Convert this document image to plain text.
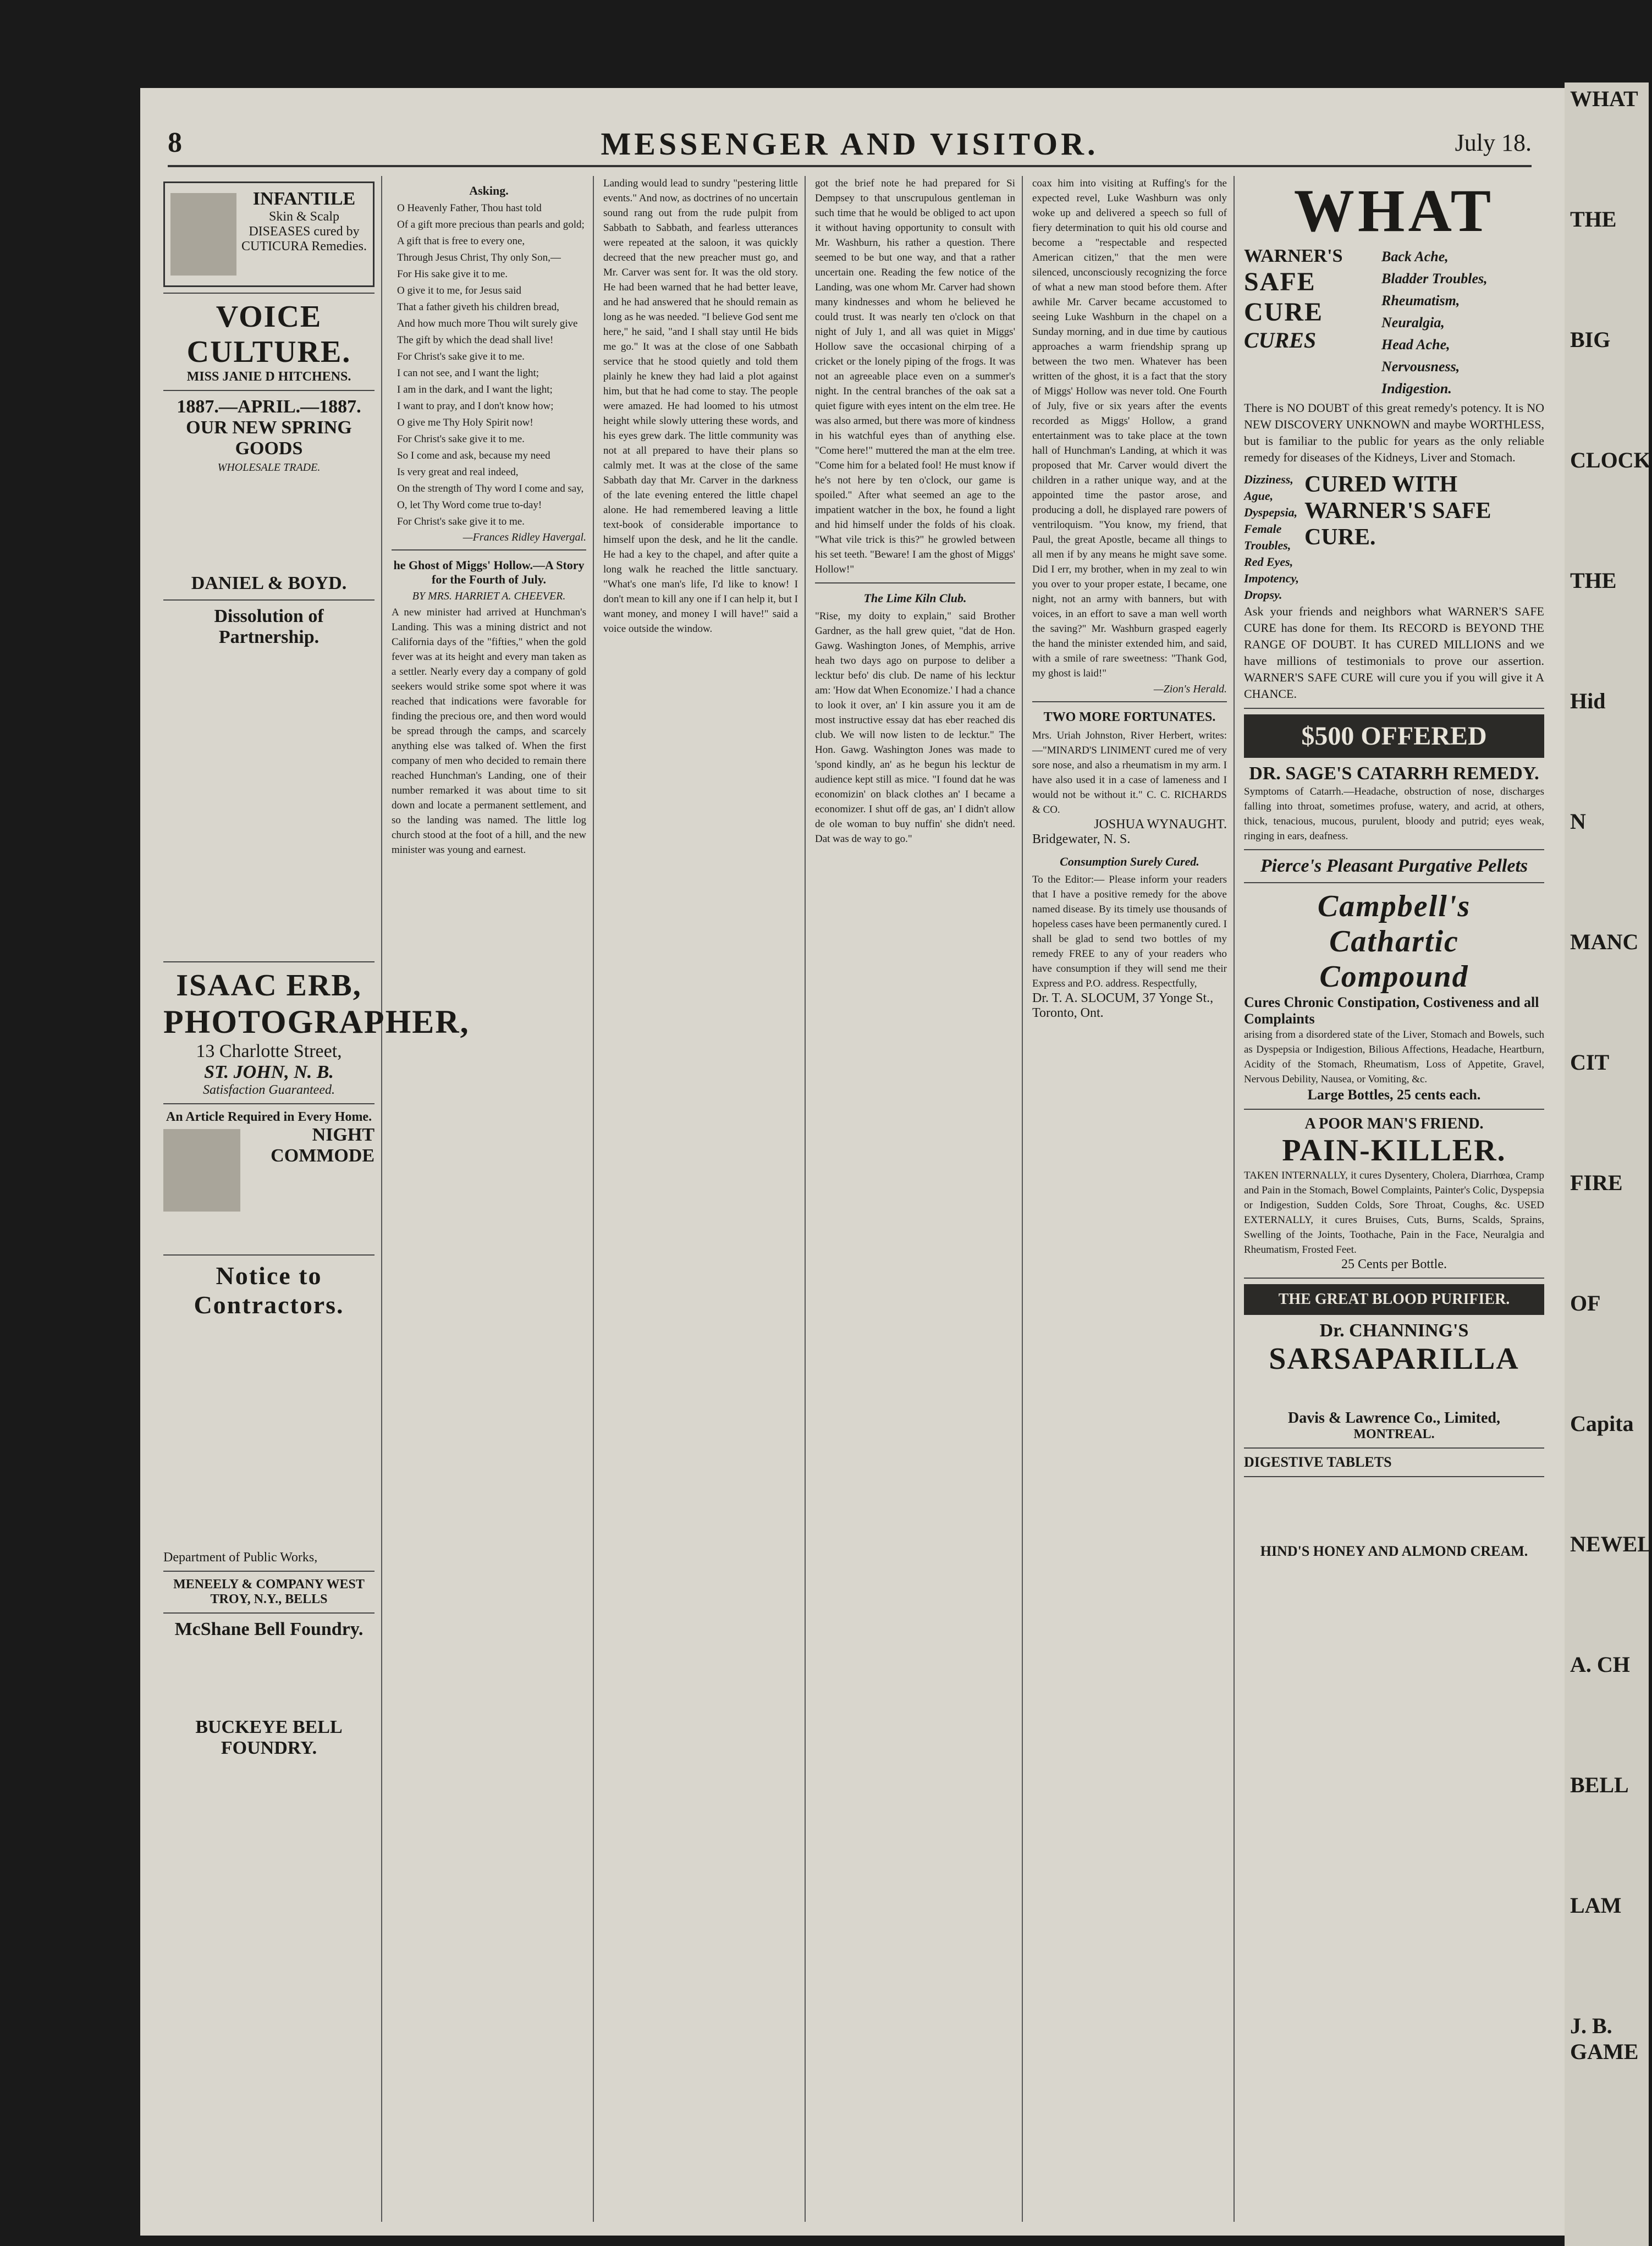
8	MESSENGER AND VISITOR.	July 18.
INFANTILE
Skin & Scalp DISEASES cured by CUTICURA Remedies.
VOICE CULTURE.
MISS JANIE D HITCHENS.
1887.—APRIL.—1887.
OUR NEW SPRING GOODS
WHOLESALE TRADE.
DANIEL & BOYD.
Dissolution of Partnership.
ISAAC ERB,
PHOTOGRAPHER,
13 Charlotte Street,
ST. JOHN, N. B.
Satisfaction Guaranteed.
An Article Required in Every Home.
NIGHT COMMODE
Notice to Contractors.
Department of Public Works,
MENEELY & COMPANY WEST TROY, N.Y., BELLS
McShane Bell Foundry.
BUCKEYE BELL FOUNDRY.
Asking.
O Heavenly Father, Thou hast told
Of a gift more precious than pearls and gold;
A gift that is free to every one,
Through Jesus Christ, Thy only Son,—
For His sake give it to me.
O give it to me, for Jesus said
That a father giveth his children bread,
And how much more Thou wilt surely give
The gift by which the dead shall live!
For Christ's sake give it to me.
I can not see, and I want the light;
I am in the dark, and I want the light;
I want to pray, and I don't know how;
O give me Thy Holy Spirit now!
For Christ's sake give it to me.
So I come and ask, because my need
Is very great and real indeed,
On the strength of Thy word I come and say,
O, let Thy Word come true to-day!
For Christ's sake give it to me.
—Frances Ridley Havergal.
he Ghost of Miggs' Hollow.—A Story for the Fourth of July.
BY MRS. HARRIET A. CHEEVER.
A new minister had arrived at Hunchman's Landing. This was a mining district and not California days of the "fifties," when the gold fever was at its height and every man taken as a settler. Nearly every day a company of gold seekers would strike some spot where it was reached that indications were favorable for finding the precious ore, and then word would be spread through the camps, and scarcely anything else was talked of. When the first company of men who decided to remain there reached Hunchman's Landing, one of their number remarked it was about time to sit down and locate a permanent settlement, and so the landing was named. The little log church stood at the foot of a hill, and the new minister was young and earnest.
Landing would lead to sundry "pestering little events." And now, as doctrines of no uncertain sound rang out from the rude pulpit from Sabbath to Sabbath, and fearless utterances were repeated at the saloon, it was quickly decreed that the new preacher must go, and Mr. Carver was sent for. It was the old story. He had been warned that he had better leave, and he had answered that he should remain as long as he was needed. "I believe God sent me here," he said, "and I shall stay until He bids me go." It was at the close of one Sabbath service that he stood quietly and told them plainly he knew they had laid a plot against him, but that he had come to stay. The people were amazed. He had loomed to his utmost height while slowly uttering these words, and his eyes grew dark. The little community was not at all prepared to have their plans so calmly met. It was at the close of the same Sabbath day that Mr. Carver in the darkness of the late evening entered the little chapel alone. He had remembered leaving a little text-book of considerable importance to himself upon the desk, and he lit the candle. He had a key to the chapel, and after quite a long walk he reached the little sanctuary. "What's one man's life, I'd like to know! I don't mean to kill any one if I can help it, but I want money, and money I will have!" said a voice outside the window.
got the brief note he had prepared for Si Dempsey to that unscrupulous gentleman in such time that he would be obliged to act upon it without having opportunity to consult with Mr. Washburn, his rather a question. There seemed to be but one way, and that a rather uncertain one. Reading the few notice of the Landing, was one whom Mr. Carver had shown many kindnesses and whom he believed he could trust. It was nearly ten o'clock on that night of July 1, and all was quiet in Miggs' Hollow save the occasional chirping of a cricket or the lonely piping of the frogs. It was not an agreeable place even on a summer's night. In the central branches of the oak sat a quiet figure with eyes intent on the elm tree. He was also armed, but there was more of kindness in his watchful eyes than of anything else. "Come here!" muttered the man at the elm tree. "Come him for a belated fool! He must know if he's not here by ten o'clock, our game is spoiled." After what seemed an age to the impatient watcher in the box, he found a light and hid himself under the folds of his cloak. "What vile trick is this?" he growled between his set teeth. "Beware! I am the ghost of Miggs' Hollow!"
The Lime Kiln Club.
"Rise, my doity to explain," said Brother Gardner, as the hall grew quiet, "dat de Hon. Gawg. Washington Jones, of Memphis, arrive heah two days ago on purpose to deliber a lecktur befo' dis club. De name of his lecktur am: 'How dat When Economize.' I had a chance to look it over, an' I kin assure you it am de most instructive essay dat has eber reached dis club. We will now listen to de lecktur." The Hon. Gawg. Washington Jones was made to 'spond kindly, an' as he begun his lecktur de audience kept still as mice. "I found dat he was economizin' on black clothes an' I became a economizer. I shut off de gas, an' I didn't allow de ole woman to buy nuffin' she didn't need. Dat was de way to go."
coax him into visiting at Ruffing's for the expected revel, Luke Washburn was only woke up and delivered a speech so full of fiery determination to quit his old course and become a "respectable and respected American citizen," that the men were silenced, unconsciously recognizing the force of what a new man stood before them. After awhile Mr. Carver became accustomed to seeing Luke Washburn in the chapel on a Sunday morning, and in due time by cautious approaches a warm friendship sprang up between the two men. Whatever has been written of the ghost, it is a fact that the story of Miggs' Hollow was never told. One Fourth of July, five or six years after the events recorded as Miggs' Hollow, a grand entertainment was to take place at the town hall of Hunchman's Landing, at which it was proposed that Mr. Carver would divert the children in a rather unique way, and at the appointed time the pastor arose, and producing a doll, he displayed rare powers of ventriloquism. "You know, my friend, that Paul, the great Apostle, became all things to all men if by any means he might save some. Did I err, my brother, when in my zeal to win you over to your proper estate, I became, one night, not an army with banners, but with voices, in an effort to save a man well worth the saving?" Mr. Washburn grasped eagerly the hand the minister extended him, and said, with a smile of rare sweetness: "Thank God, my ghost is laid!"
—Zion's Herald.
TWO MORE FORTUNATES.
Mrs. Uriah Johnston, River Herbert, writes:—"MINARD'S LINIMENT cured me of very sore nose, and also a rheumatism in my arm. I have also used it in a case of lameness and I would not be without it." C. C. RICHARDS & CO.
JOSHUA WYNAUGHT.
Bridgewater, N. S.
Consumption Surely Cured.
To the Editor:— Please inform your readers that I have a positive remedy for the above named disease. By its timely use thousands of hopeless cases have been permanently cured. I shall be glad to send two bottles of my remedy FREE to any of your readers who have consumption if they will send me their Express and P.O. address. Respectfully,
Dr. T. A. SLOCUM, 37 Yonge St., Toronto, Ont.
WHAT
WARNER'S
SAFE CURE
CURES
Back Ache,
Bladder Troubles,
Rheumatism,
Neuralgia,
Head Ache,
Nervousness,
Indigestion.
There is NO DOUBT of this great remedy's potency. It is NO NEW DISCOVERY UNKNOWN and maybe WORTHLESS, but is familiar to the public for years as the only reliable remedy for diseases of the Kidneys, Liver and Stomach.
Dizziness,
Ague,
Dyspepsia,
Female Troubles,
Red Eyes,
Impotency,
Dropsy.
CURED WITH WARNER'S SAFE CURE.
Ask your friends and neighbors what WARNER'S SAFE CURE has done for them. Its RECORD is BEYOND THE RANGE OF DOUBT. It has CURED MILLIONS and we have millions of testimonials to prove our assertion. WARNER'S SAFE CURE will cure you if you will give it A CHANCE.
$500 OFFERED
DR. SAGE'S CATARRH REMEDY.
Symptoms of Catarrh.—Headache, obstruction of nose, discharges falling into throat, sometimes profuse, watery, and acrid, at others, thick, tenacious, mucous, purulent, bloody and putrid; eyes weak, ringing in ears, deafness.
Pierce's Pleasant Purgative Pellets
Campbell's
Cathartic
Compound
Cures Chronic Constipation, Costiveness and all Complaints
arising from a disordered state of the Liver, Stomach and Bowels, such as Dyspepsia or Indigestion, Bilious Affections, Headache, Heartburn, Acidity of the Stomach, Rheumatism, Loss of Appetite, Gravel, Nervous Debility, Nausea, or Vomiting, &c.
Large Bottles, 25 cents each.
A POOR MAN'S FRIEND.
PAIN-KILLER.
TAKEN INTERNALLY, it cures Dysentery, Cholera, Diarrhœa, Cramp and Pain in the Stomach, Bowel Complaints, Painter's Colic, Dyspepsia or Indigestion, Sudden Colds, Sore Throat, Coughs, &c. USED EXTERNALLY, it cures Bruises, Cuts, Burns, Scalds, Sprains, Swelling of the Joints, Toothache, Pain in the Face, Neuralgia and Rheumatism, Frosted Feet.
25 Cents per Bottle.
THE GREAT BLOOD PURIFIER.
Dr. CHANNING'S
SARSAPARILLA
Davis & Lawrence Co., Limited,
MONTREAL.
DIGESTIVE TABLETS
HIND'S HONEY AND ALMOND CREAM.
WHAT
THE
BIG
CLOCK
THE
Hid
N
MANC
CIT
FIRE
OF
Capita
NEWEL
A. CH
BELL
LAM
J. B. GAME
